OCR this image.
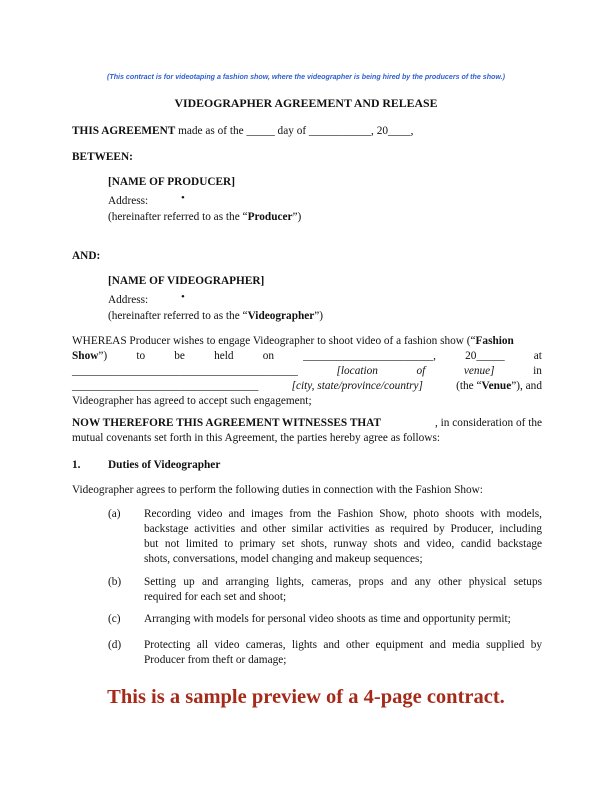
(This contract is for videotaping a fashion show, where the videographer is being hired by the producers of the show.)
VIDEOGRAPHER AGREEMENT AND RELEASE
THIS AGREEMENT made as of the _____ day of ___________, 20____,
BETWEEN:
[NAME OF PRODUCER]
Address:	•
(hereinafter referred to as the “Producer”)
AND:
[NAME OF VIDEOGRAPHER]
Address:	•
(hereinafter referred to as the “Videographer”)
WHEREAS Producer wishes to engage Videographer to shoot video of a fashion show (“Fashion
Show”)	to	be	held	on	_______________________,	20_____	at
________________________________________	[location	of	venue]	in
_________________________________	[city, state/province/country]	(the “Venue”), and
Videographer has agreed to accept such engagement;
NOW THEREFORE THIS AGREEMENT WITNESSES THAT	, in consideration of the
mutual covenants set forth in this Agreement, the parties hereby agree as follows:
1. Duties of Videographer
Videographer agrees to perform the following duties in connection with the Fashion Show:
(a) Recording video and images from the Fashion Show, photo shoots with models,
backstage activities and other similar activities as required by Producer, including
but not limited to primary set shots, runway shots and video, candid backstage
shots, conversations, model changing and makeup sequences;
(b) Setting up and arranging lights, cameras, props and any other physical setups
required for each set and shoot;
(c) Arranging with models for personal video shoots as time and opportunity permit;
(d) Protecting all video cameras, lights and other equipment and media supplied by
Producer from theft or damage;
This is a sample preview of a 4-page contract.
